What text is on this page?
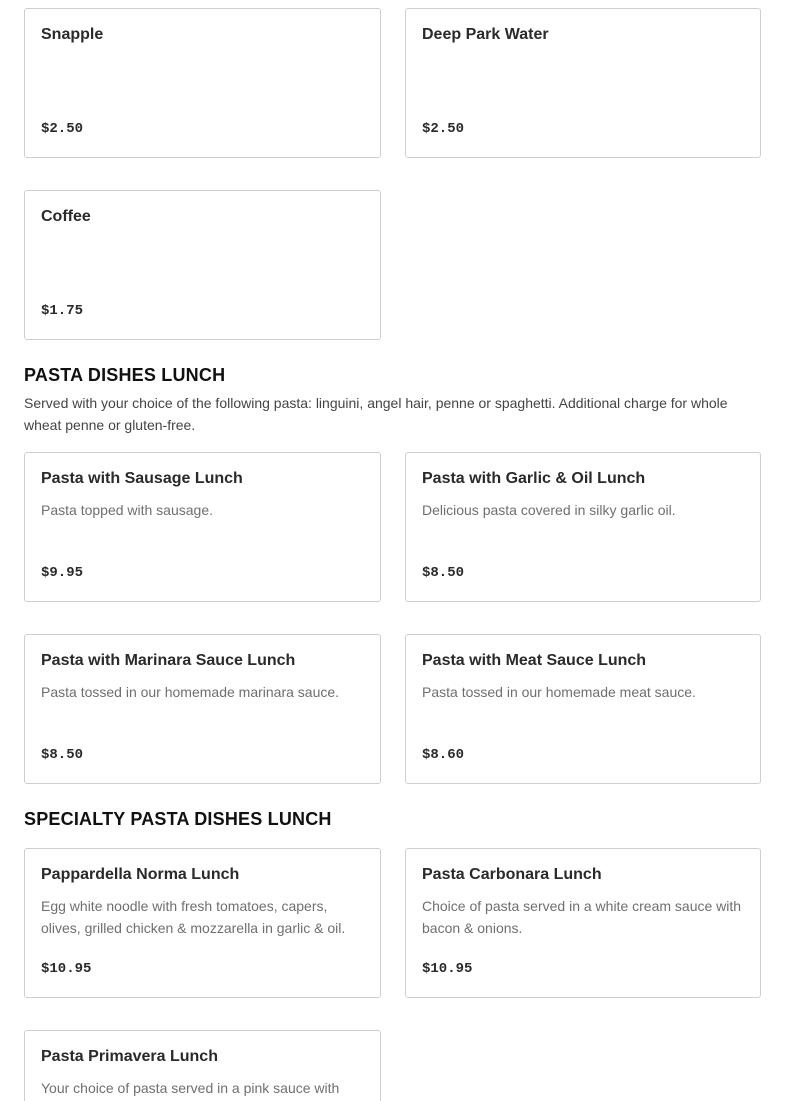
Snapple
$2.50
Deep Park Water
$2.50
Coffee
$1.75
PASTA DISHES LUNCH

Served with your choice of the following pasta: linguini, angel hair, penne or spaghetti. Additional charge for whole wheat penne or gluten-free.

Pasta with Sausage Lunch
Pasta topped with sausage.
$9.95
Pasta with Garlic & Oil Lunch
Delicious pasta covered in silky garlic oil.
$8.50
Pasta with Marinara Sauce Lunch
Pasta tossed in our homemade marinara sauce.
$8.50
Pasta with Meat Sauce Lunch
Pasta tossed in our homemade meat sauce.
$8.60
SPECIALTY PASTA DISHES LUNCH
Pappardella Norma Lunch
Egg white noodle with fresh tomatoes, capers, olives, grilled chicken & mozzarella in garlic & oil.
$10.95
Pasta Carbonara Lunch
Choice of pasta served in a white cream sauce with bacon & onions.
$10.95
Pasta Primavera Lunch
Your choice of pasta served in a pink sauce with
